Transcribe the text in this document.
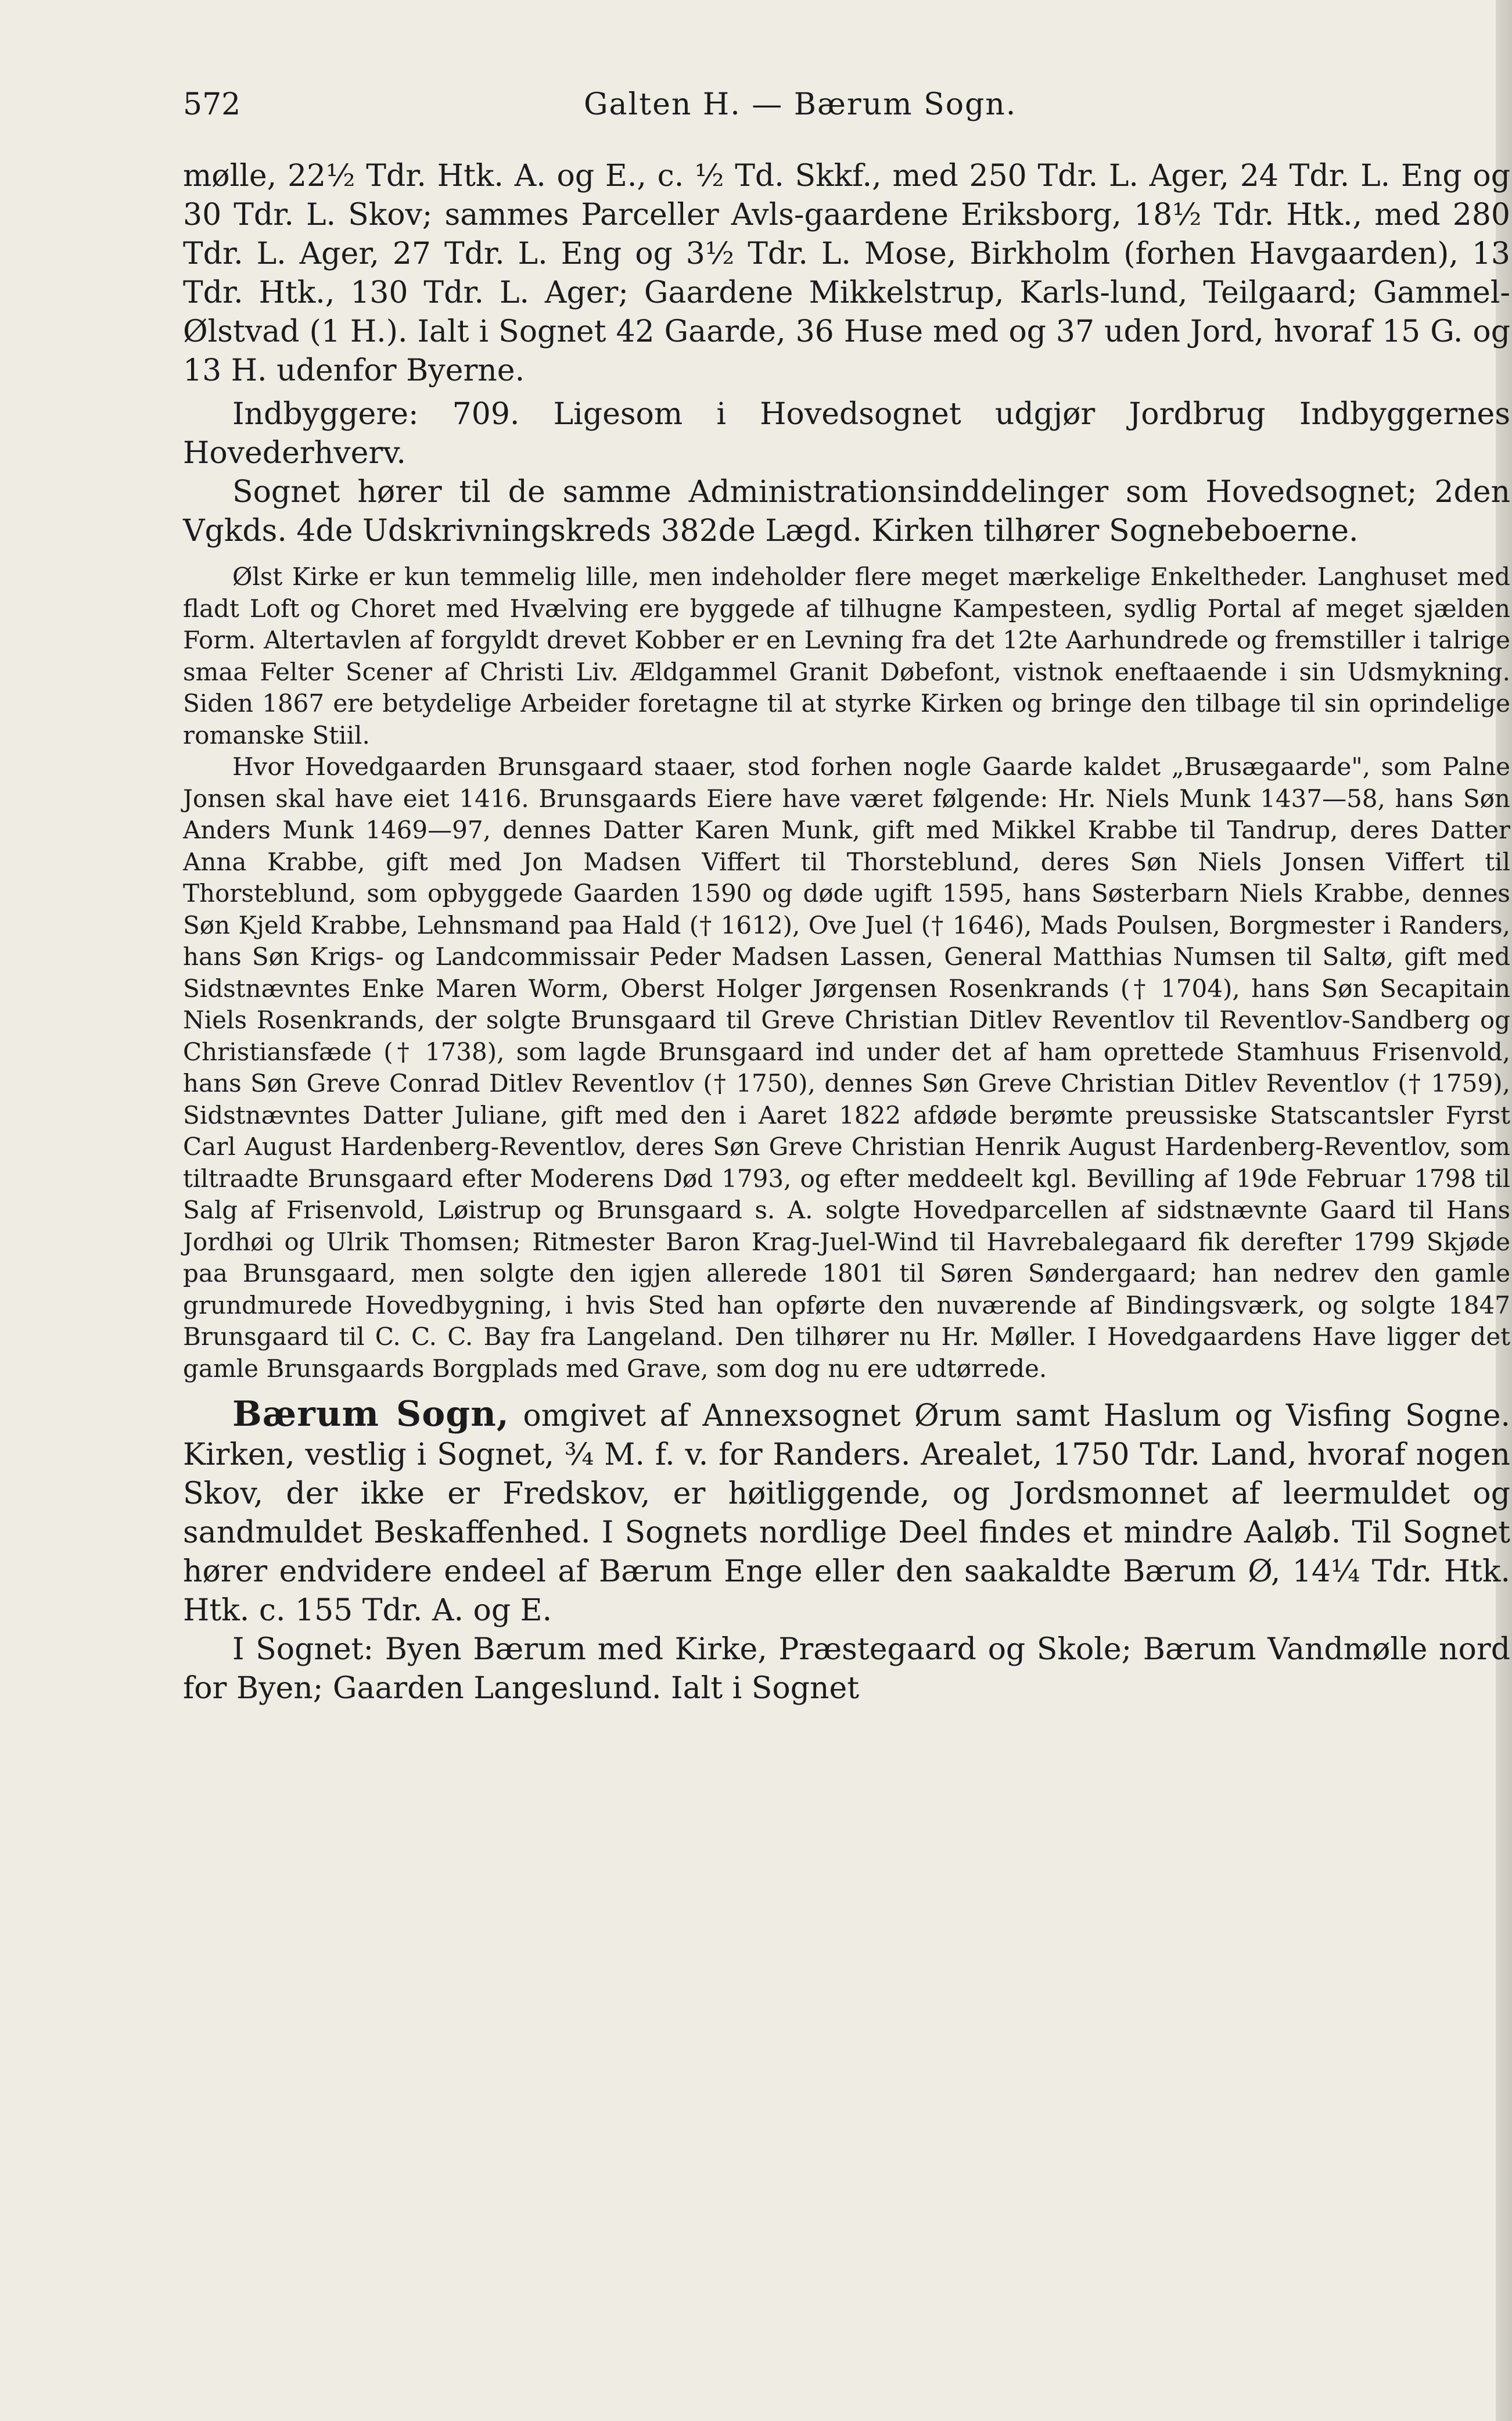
572	Galten H. — Bærum Sogn.

mølle, 22½ Tdr. Htk. A. og E., c. ½ Td. Skkf., med 250 Tdr. L. Ager, 24 Tdr. L. Eng og 30 Tdr. L. Skov; sammes Parceller Avls-gaardene Eriksborg, 18½ Tdr. Htk., med 280 Tdr. L. Ager, 27 Tdr. L. Eng og 3½ Tdr. L. Mose, Birkholm (forhen Havgaarden), 13 Tdr. Htk., 130 Tdr. L. Ager; Gaardene Mikkelstrup, Karls-lund, Teilgaard; Gammel-Ølstvad (1 H.). Ialt i Sognet 42 Gaarde, 36 Huse med og 37 uden Jord, hvoraf 15 G. og 13 H. udenfor Byerne.

Indbyggere: 709. Ligesom i Hovedsognet udgjør Jordbrug Indbyggernes Hovederhverv.

Sognet hører til de samme Administrationsinddelinger som Hovedsognet; 2den Vgkds. 4de Udskrivningskreds 382de Lægd. Kirken tilhører Sognebeboerne.

Ølst Kirke er kun temmelig lille, men indeholder flere meget mærkelige Enkeltheder. Langhuset med fladt Loft og Choret med Hvælving ere byggede af tilhugne Kampesteen, sydlig Portal af meget sjælden Form. Altertavlen af forgyldt drevet Kobber er en Levning fra det 12te Aarhundrede og fremstiller i talrige smaa Felter Scener af Christi Liv. Ældgammel Granit Døbefont, vistnok eneftaaende i sin Udsmykning. Siden 1867 ere betydelige Arbeider foretagne til at styrke Kirken og bringe den tilbage til sin oprindelige romanske Stiil.

Hvor Hovedgaarden Brunsgaard staaer, stod forhen nogle Gaarde kaldet „Brusægaarde", som Palne Jonsen skal have eiet 1416. Brunsgaards Eiere have været følgende: Hr. Niels Munk 1437—58, hans Søn Anders Munk 1469—97, dennes Datter Karen Munk, gift med Mikkel Krabbe til Tandrup, deres Datter Anna Krabbe, gift med Jon Madsen Viffert til Thorsteblund, deres Søn Niels Jonsen Viffert til Thorsteblund, som opbyggede Gaarden 1590 og døde ugift 1595, hans Søsterbarn Niels Krabbe, dennes Søn Kjeld Krabbe, Lehnsmand paa Hald († 1612), Ove Juel († 1646), Mads Poulsen, Borgmester i Randers, hans Søn Krigs- og Landcommissair Peder Madsen Lassen, General Matthias Numsen til Saltø, gift med Sidstnævntes Enke Maren Worm, Oberst Holger Jørgensen Rosenkrands († 1704), hans Søn Secapitain Niels Rosenkrands, der solgte Brunsgaard til Greve Christian Ditlev Reventlov til Reventlov-Sandberg og Christiansfæde († 1738), som lagde Brunsgaard ind under det af ham oprettede Stamhuus Frisenvold, hans Søn Greve Conrad Ditlev Reventlov († 1750), dennes Søn Greve Christian Ditlev Reventlov († 1759), Sidstnævntes Datter Juliane, gift med den i Aaret 1822 afdøde berømte preussiske Statscantsler Fyrst Carl August Hardenberg-Reventlov, deres Søn Greve Christian Henrik August Hardenberg-Reventlov, som tiltraadte Brunsgaard efter Moderens Død 1793, og efter meddeelt kgl. Bevilling af 19de Februar 1798 til Salg af Frisenvold, Løistrup og Brunsgaard s. A. solgte Hovedparcellen af sidstnævnte Gaard til Hans Jordhøi og Ulrik Thomsen; Ritmester Baron Krag-Juel-Wind til Havrebalegaard fik derefter 1799 Skjøde paa Brunsgaard, men solgte den igjen allerede 1801 til Søren Søndergaard; han nedrev den gamle grundmurede Hovedbygning, i hvis Sted han opførte den nuværende af Bindingsværk, og solgte 1847 Brunsgaard til C. C. C. Bay fra Langeland. Den tilhører nu Hr. Møller. I Hovedgaardens Have ligger det gamle Brunsgaards Borgplads med Grave, som dog nu ere udtørrede.

Bærum Sogn, omgivet af Annexsognet Ørum samt Haslum og Visfing Sogne. Kirken, vestlig i Sognet, ¾ M. f. v. for Randers. Arealet, 1750 Tdr. Land, hvoraf nogen Skov, der ikke er Fredskov, er høitliggende, og Jordsmonnet af leermuldet og sandmuldet Beskaffenhed. I Sognets nordlige Deel findes et mindre Aaløb. Til Sognet hører endvidere endeel af Bærum Enge eller den saakaldte Bærum Ø, 14¼ Tdr. Htk. Htk. c. 155 Tdr. A. og E.

I Sognet: Byen Bærum med Kirke, Præstegaard og Skole; Bærum Vandmølle nord for Byen; Gaarden Langeslund. Ialt i Sognet
